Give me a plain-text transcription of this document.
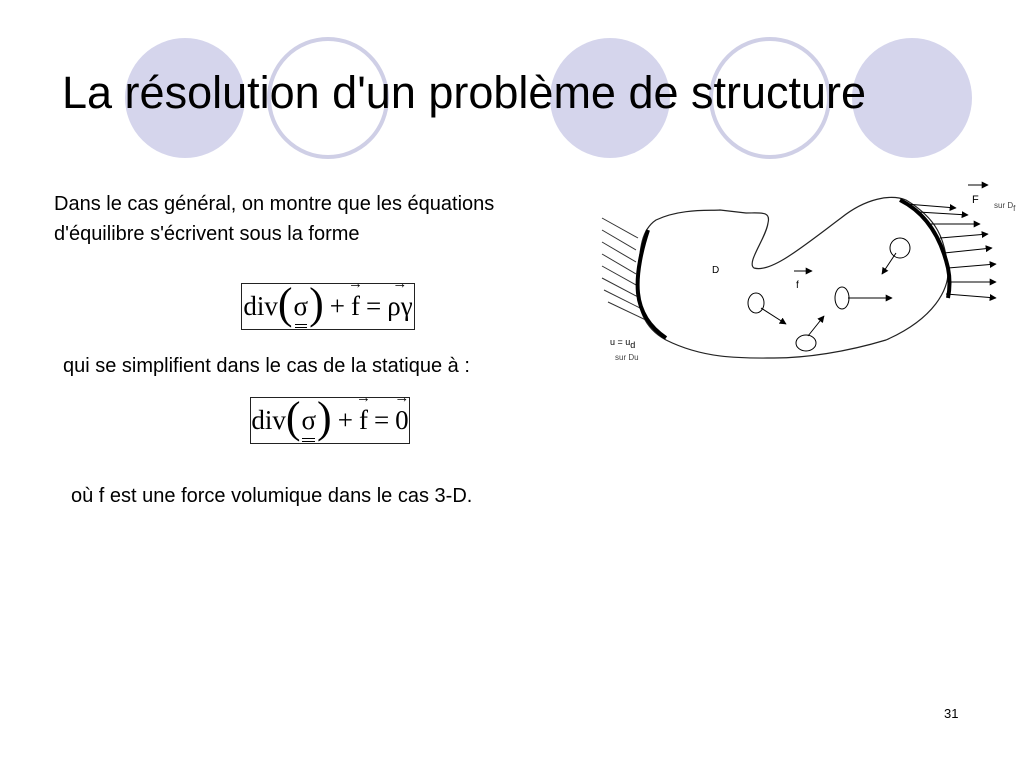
La résolution d'un problème de structure
Dans le cas général, on montre que les équations
d'équilibre s'écrivent sous la forme
div ( σ ) + → f = → ργ
qui se simplifient dans le cas de la statique à :
div ( σ ) + → f = → 0
où f est une force volumique dans le cas 3-D.
F sur Df
D
f
u = ud
sur Du
31
